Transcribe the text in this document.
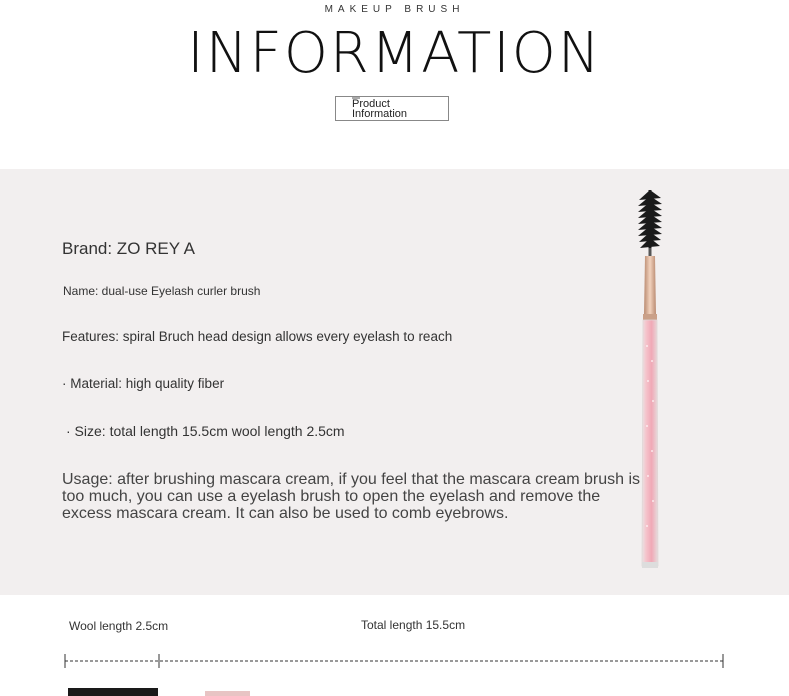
MAKEUP BRUSH
INFORMATION
Product
Information
Brand: ZO REY A
Name: dual-use Eyelash curler brush
Features: spiral Bruch head design allows every eyelash to reach
· Material: high quality fiber
· Size: total length 15.5cm wool length 2.5cm
Usage: after brushing mascara cream, if you feel that the mascara cream brush is too much, you can use a eyelash brush to open the eyelash and remove the excess mascara cream. It can also be used to comb eyebrows.
Wool length 2.5cm	Total length 15.5cm
